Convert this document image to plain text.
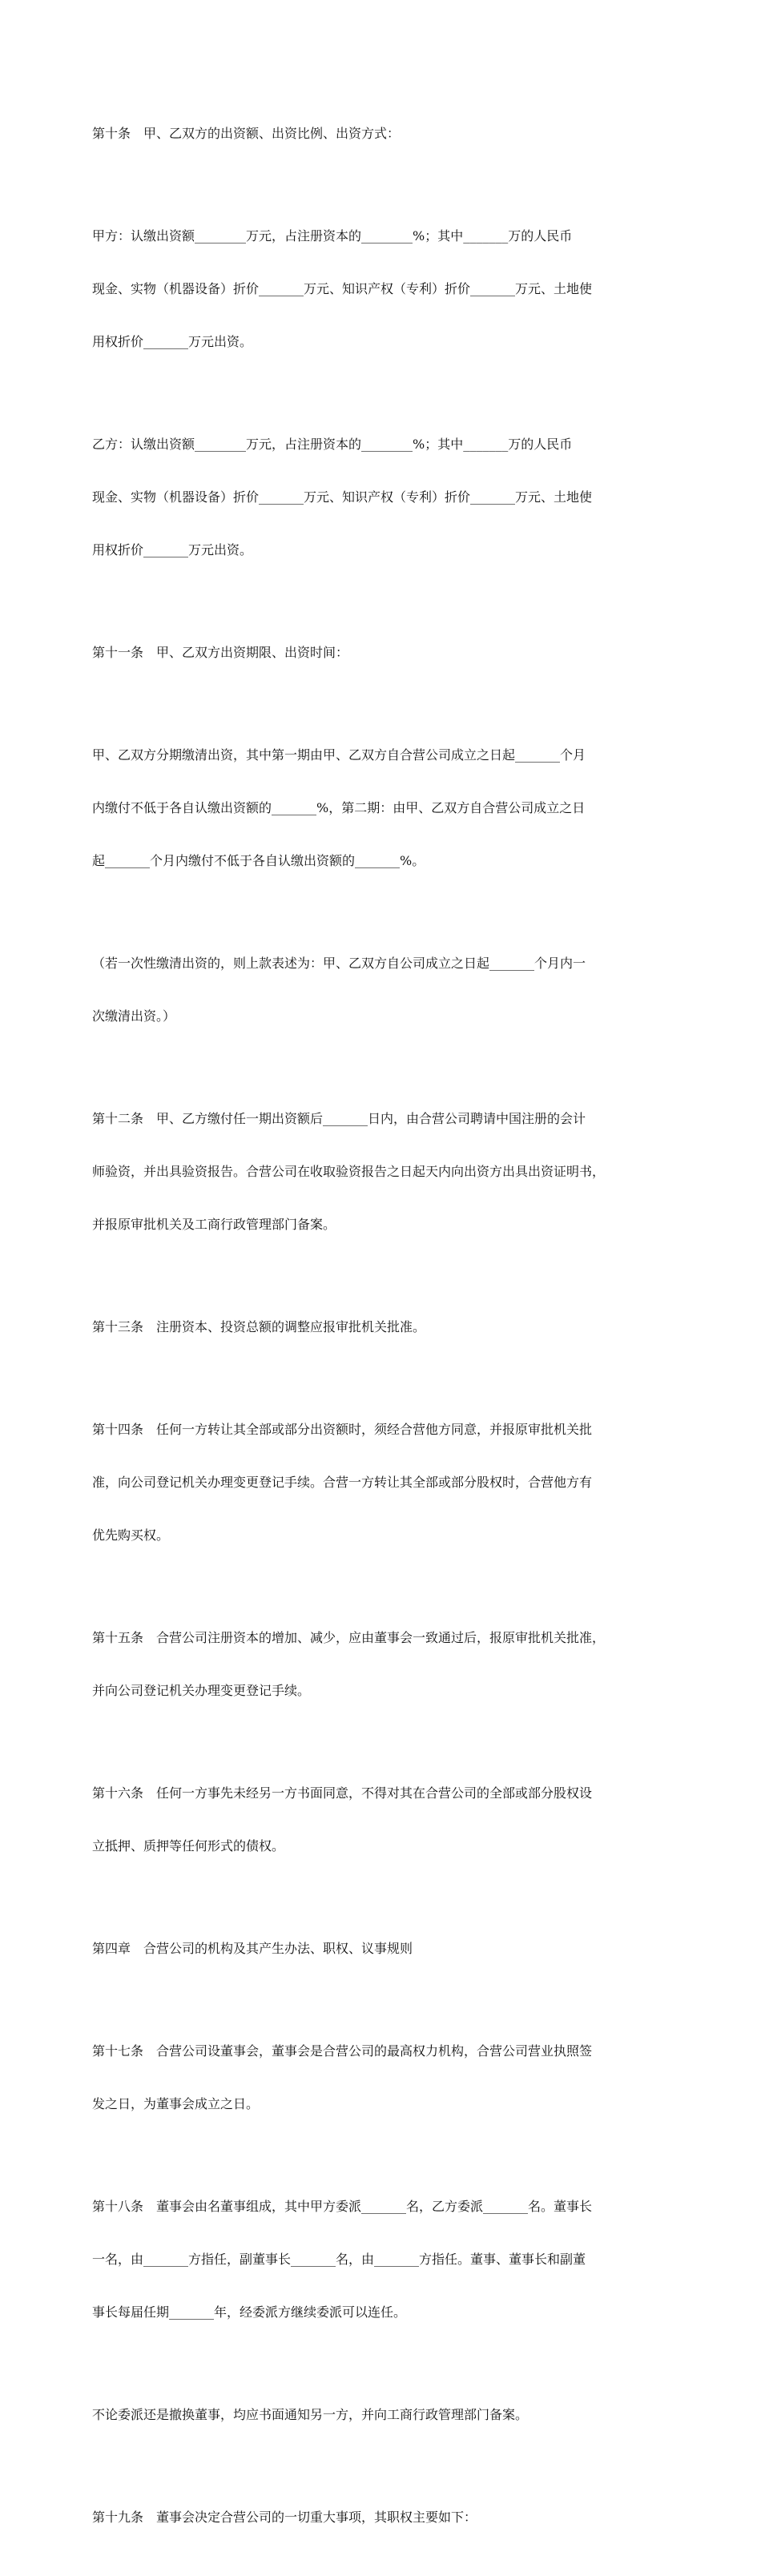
第十条　甲、乙双方的出资额、出资比例、出资方式：

甲方：认缴出资额________万元，占注册资本的________%；其中_______万的人民币

现金、实物（机器设备）折价_______万元、知识产权（专利）折价_______万元、土地使

用权折价_______万元出资。

乙方：认缴出资额________万元，占注册资本的________%；其中_______万的人民币

现金、实物（机器设备）折价_______万元、知识产权（专利）折价_______万元、土地使

用权折价_______万元出资。

第十一条　甲、乙双方出资期限、出资时间：

甲、乙双方分期缴清出资，其中第一期由甲、乙双方自合营公司成立之日起_______个月

内缴付不低于各自认缴出资额的_______%，第二期：由甲、乙双方自合营公司成立之日

起_______个月内缴付不低于各自认缴出资额的_______%。

（若一次性缴清出资的，则上款表述为：甲、乙双方自公司成立之日起_______个月内一

次缴清出资。）

第十二条　甲、乙方缴付任一期出资额后_______日内，由合营公司聘请中国注册的会计

师验资，并出具验资报告。合营公司在收取验资报告之日起天内向出资方出具出资证明书，

并报原审批机关及工商行政管理部门备案。

第十三条　注册资本、投资总额的调整应报审批机关批准。

第十四条　任何一方转让其全部或部分出资额时，须经合营他方同意，并报原审批机关批

准，向公司登记机关办理变更登记手续。合营一方转让其全部或部分股权时，合营他方有

优先购买权。

第十五条　合营公司注册资本的增加、减少，应由董事会一致通过后，报原审批机关批准，

并向公司登记机关办理变更登记手续。

第十六条　任何一方事先未经另一方书面同意，不得对其在合营公司的全部或部分股权设

立抵押、质押等任何形式的债权。

第四章　合营公司的机构及其产生办法、职权、议事规则

第十七条　合营公司设董事会，董事会是合营公司的最高权力机构，合营公司营业执照签

发之日，为董事会成立之日。

第十八条　董事会由名董事组成，其中甲方委派_______名，乙方委派_______名。董事长

一名，由_______方指任，副董事长_______名，由_______方指任。董事、董事长和副董

事长每届任期_______年，经委派方继续委派可以连任。

不论委派还是撤换董事，均应书面通知另一方，并向工商行政管理部门备案。

第十九条　董事会决定合营公司的一切重大事项，其职权主要如下：
